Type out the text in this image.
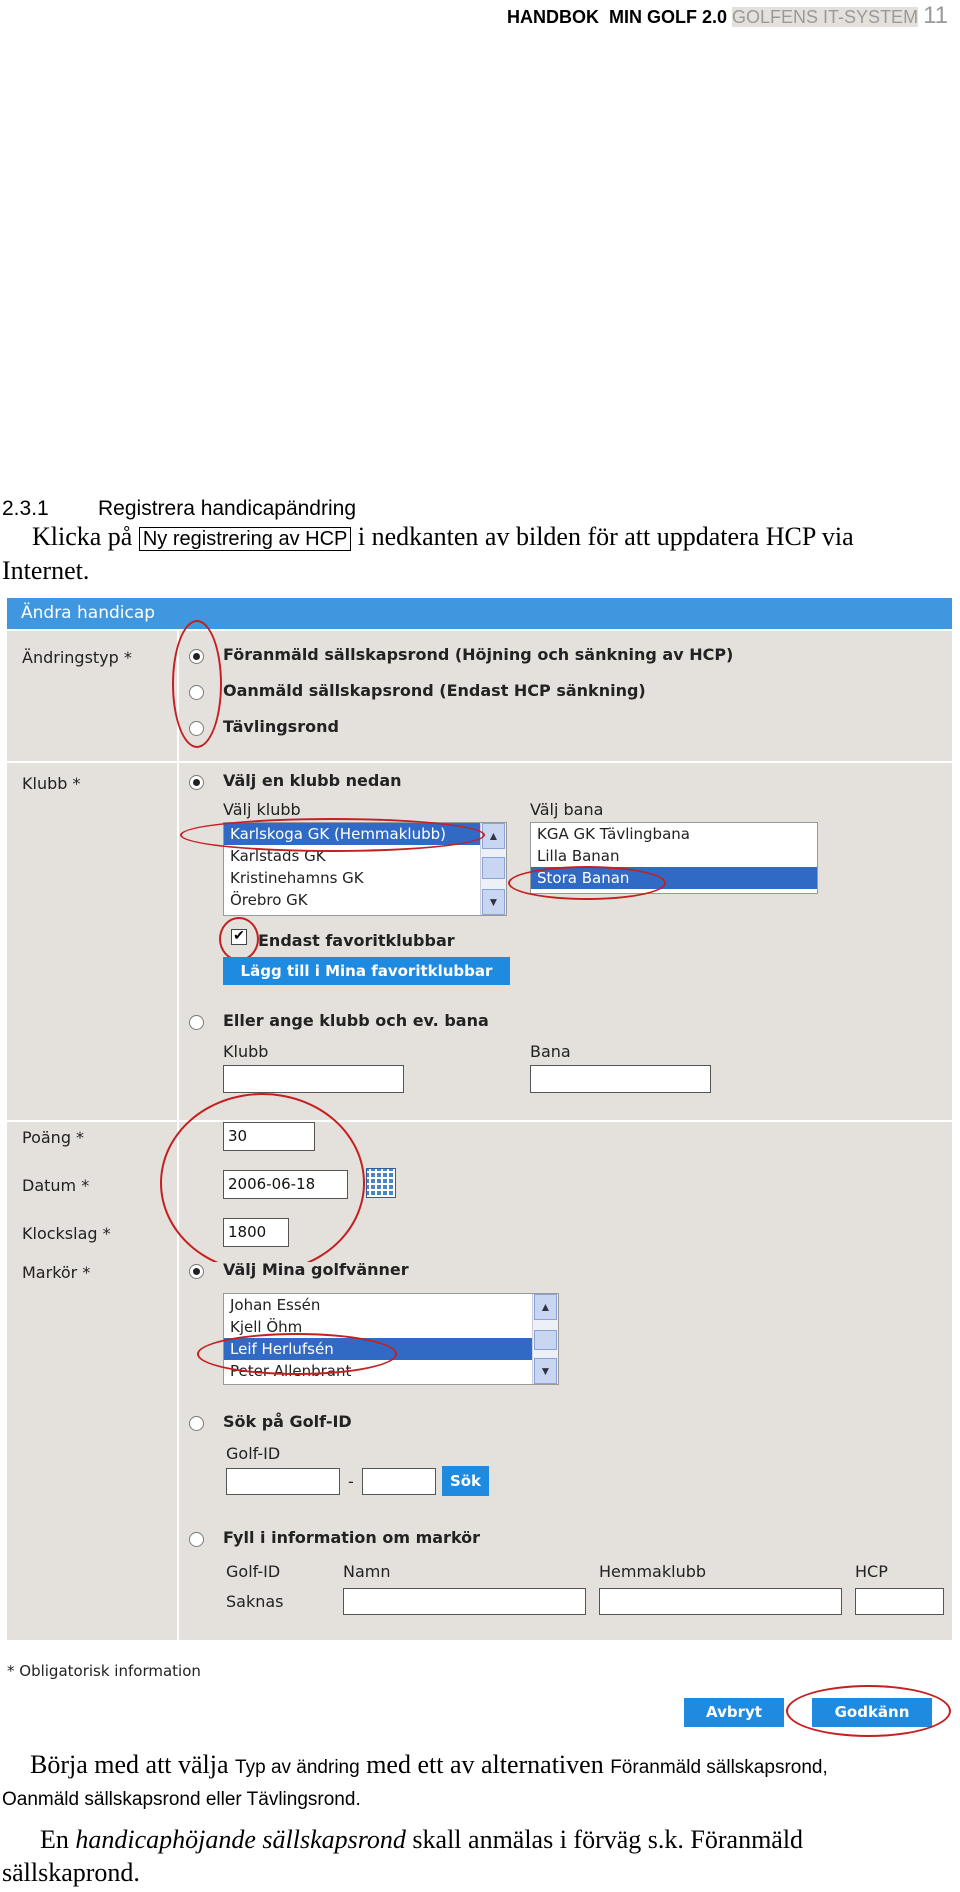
HANDBOK MIN GOLF 2.0 GOLFENS IT-SYSTEM 11
2.3.1 Registrera handicapändring
Klicka på Ny registrering av HCP i nedkanten av bilden för att uppdatera HCP via
Internet.
Ändra handicap
Ändringstyp *	Föranmäld sällskapsrond (Höjning och sänkning av HCP)
Oanmäld sällskapsrond (Endast HCP sänkning)
Tävlingsrond
Klubb *	Välj en klubb nedan
Välj klubb	Välj bana
Karlskoga GK (Hemmaklubb)
Karlstads GK
Kristinehamns GK
Örebro GK
▲
▼
KGA GK Tävlingbana
Lilla Banan
Stora Banan
✔ Endast favoritklubbar
Lägg till i Mina favoritklubbar
Eller ange klubb och ev. bana
Klubb	Bana
Poäng *	30
Datum *	2006-06-18
Klockslag *	1800
Markör *	Välj Mina golfvänner
Johan Essén
Kjell Öhm
Leif Herlufsén
Peter Allenbrant
▲
▼
Sök på Golf-ID
Golf-ID
-	Sök
Fyll i information om markör
Golf-ID	Namn	Hemmaklubb	HCP
Saknas
* Obligatorisk information
Avbryt	Godkänn
Börja med att välja Typ av ändring med ett av alternativen Föranmäld sällskapsrond,
Oanmäld sällskapsrond eller Tävlingsrond.
En handicaphöjande sällskapsrond skall anmälas i förväg s.k. Föranmäld
sällskaprond.
